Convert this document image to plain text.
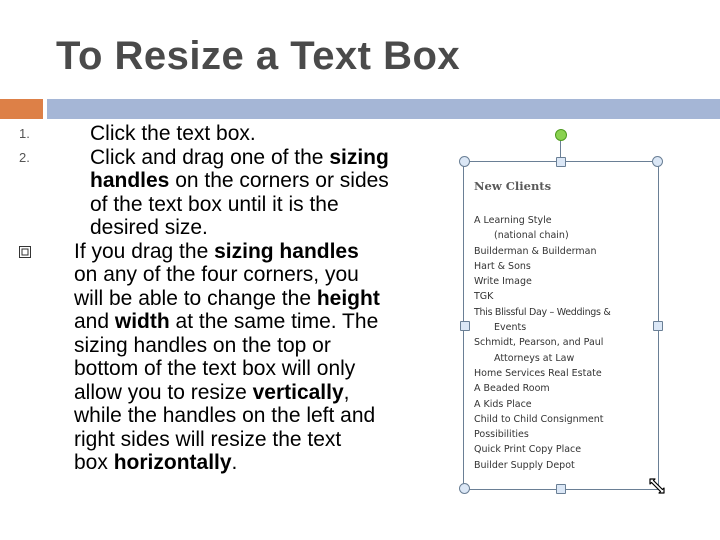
To Resize a Text Box
1.	Click the text box.
2.	Click and drag one of the sizing handles on the corners or sides of the text box until it is the desired size.
If you drag the sizing handles on any of the four corners, you will be able to change the height and width at the same time. The sizing handles on the top or bottom of the text box will only allow you to resize vertically, while the handles on the left and right sides will resize the text box horizontally.
New Clients
A Learning Style
(national chain)
Builderman & Builderman
Hart & Sons
Write Image
TGK
This Blissful Day – Weddings &
Events
Schmidt, Pearson, and Paul
Attorneys at Law
Home Services Real Estate
A Beaded Room
A Kids Place
Child to Child Consignment
Possibilities
Quick Print Copy Place
Builder Supply Depot
